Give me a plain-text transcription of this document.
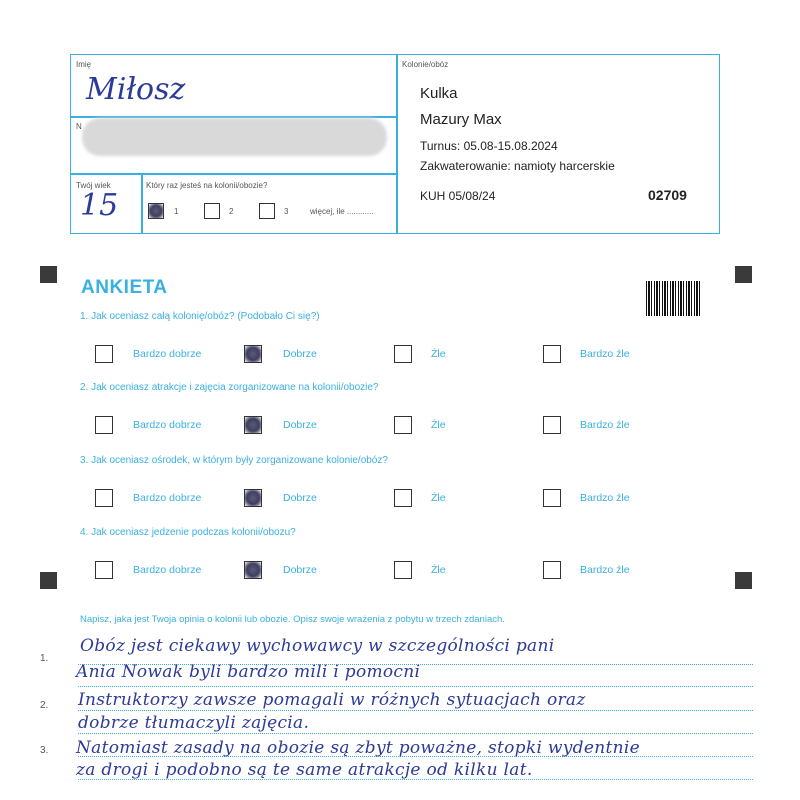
Imię
Miłosz
N
Twój wiek
15
Który raz jesteś na kolonii/obozie?
1	2	3	więcej, ile ............
Kolonie/obóz
Kulka
Mazury Max
Turnus: 05.08-15.08.2024
Zakwaterowanie: namioty harcerskie
KUH 05/08/24	02709
ANKIETA
1. Jak oceniasz całą kolonię/obóz? (Podobało Ci się?)
Bardzo dobrze	Dobrze	Źle	Bardzo źle
2. Jak oceniasz atrakcje i zajęcia zorganizowane na kolonii/obozie?
Bardzo dobrze	Dobrze	Źle	Bardzo źle
3. Jak oceniasz ośrodek, w którym były zorganizowane kolonie/obóz?
Bardzo dobrze	Dobrze	Źle	Bardzo źle
4. Jak oceniasz jedzenie podczas kolonii/obozu?
Bardzo dobrze	Dobrze	Źle	Bardzo źle
Napisz, jaka jest Twoja opinia o kolonii lub obozie. Opisz swoje wrażenia z pobytu w trzech zdaniach.
1.
2.
3.
Obóz jest ciekawy wychowawcy w szczególności pani
Ania Nowak byli bardzo mili i pomocni
Instruktorzy zawsze pomagali w różnych sytuacjach oraz
dobrze tłumaczyli zajęcia.
Natomiast zasady na obozie są zbyt poważne, stopki wydentnie
za drogi i podobno są te same atrakcje od kilku lat.
